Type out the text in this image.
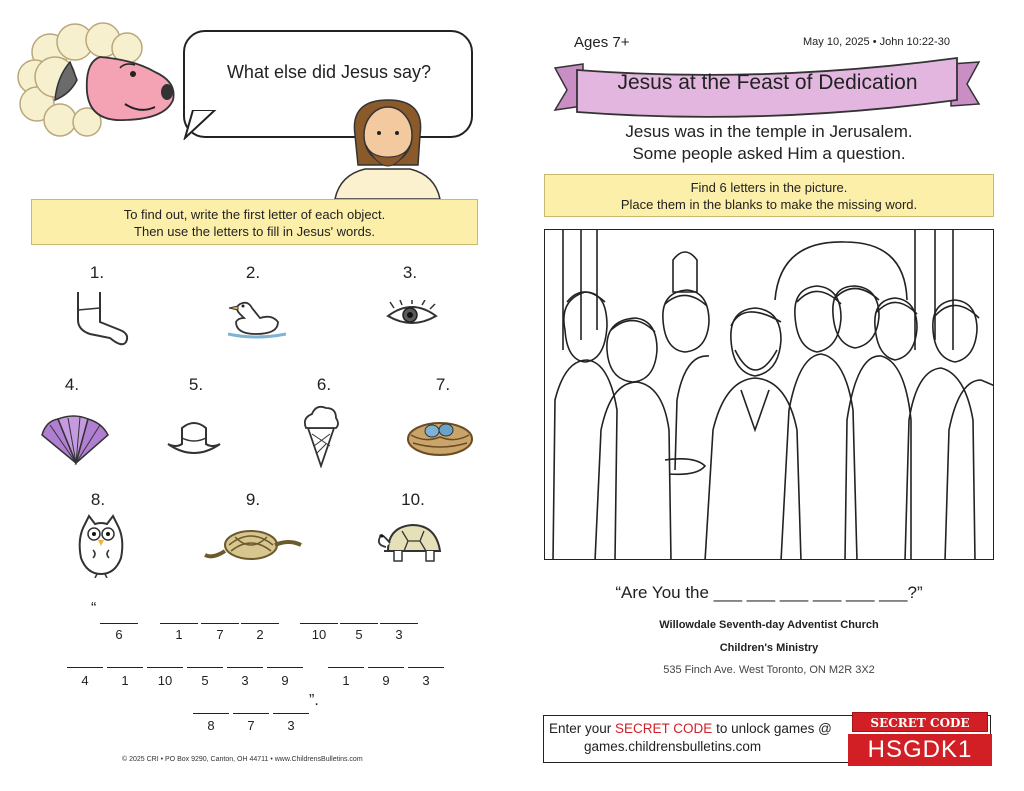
What else did Jesus say?
To find out, write the first letter of each object.
Then use the letters to fill in Jesus' words.
1.	2.	3.
4.	5.	6.	7.
8.	9.	10.
“
6	1	7	2	10	5	3
4	1	10	5	3	9	1	9	3
”.
8	7	3
© 2025 CRI • PO Box 9290, Canton, OH 44711 • www.ChildrensBulletins.com
Ages 7+	May 10, 2025 • John 10:22-30
Jesus at the Feast of Dedication
Jesus was in the temple in Jerusalem.
Some people asked Him a question.
Find 6 letters in the picture.
Place them in the blanks to make the missing word.
“Are You the ___ ___ ___ ___ ___ ___?”
Willowdale Seventh-day Adventist Church
Children's Ministry
535 Finch Ave. West Toronto, ON M2R 3X2
Enter your SECRET CODE to unlock games @
games.childrensbulletins.com
SECRET CODE
HSGDK1
